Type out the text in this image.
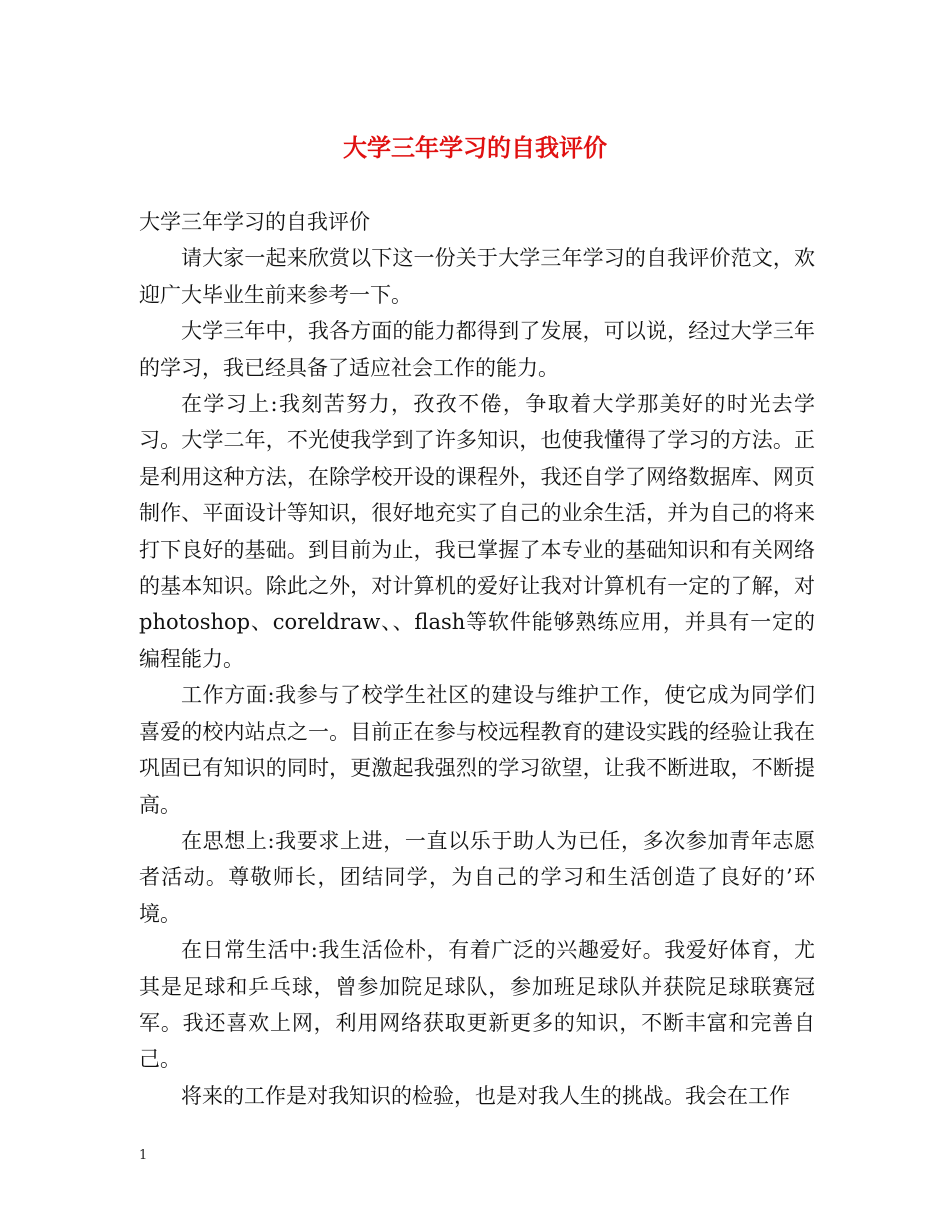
大学三年学习的自我评价

大学三年学习的自我评价

请大家一起来欣赏以下这一份关于大学三年学习的自我评价范文，欢迎广大毕业生前来参考一下。

大学三年中，我各方面的能力都得到了发展，可以说，经过大学三年的学习，我已经具备了适应社会工作的能力。

在学习上:我刻苦努力，孜孜不倦，争取着大学那美好的时光去学习。大学二年，不光使我学到了许多知识，也使我懂得了学习的方法。正是利用这种方法，在除学校开设的课程外，我还自学了网络数据库、网页制作、平面设计等知识，很好地充实了自己的业余生活，并为自己的将来打下良好的基础。到目前为止，我已掌握了本专业的基础知识和有关网络的基本知识。除此之外，对计算机的爱好让我对计算机有一定的了解，对photoshop、coreldraw、、flash等软件能够熟练应用，并具有一定的编程能力。

工作方面:我参与了校学生社区的建设与维护工作，使它成为同学们喜爱的校内站点之一。目前正在参与校远程教育的建设实践的经验让我在巩固已有知识的同时，更激起我强烈的学习欲望，让我不断进取，不断提高。

在思想上:我要求上进，一直以乐于助人为已任，多次参加青年志愿者活动。尊敬师长，团结同学，为自己的学习和生活创造了良好的’环境。

在日常生活中:我生活俭朴，有着广泛的兴趣爱好。我爱好体育，尤其是足球和乒乓球，曾参加院足球队，参加班足球队并获院足球联赛冠军。我还喜欢上网，利用网络获取更新更多的知识，不断丰富和完善自己。

将来的工作是对我知识的检验，也是对我人生的挑战。我会在工作

1
